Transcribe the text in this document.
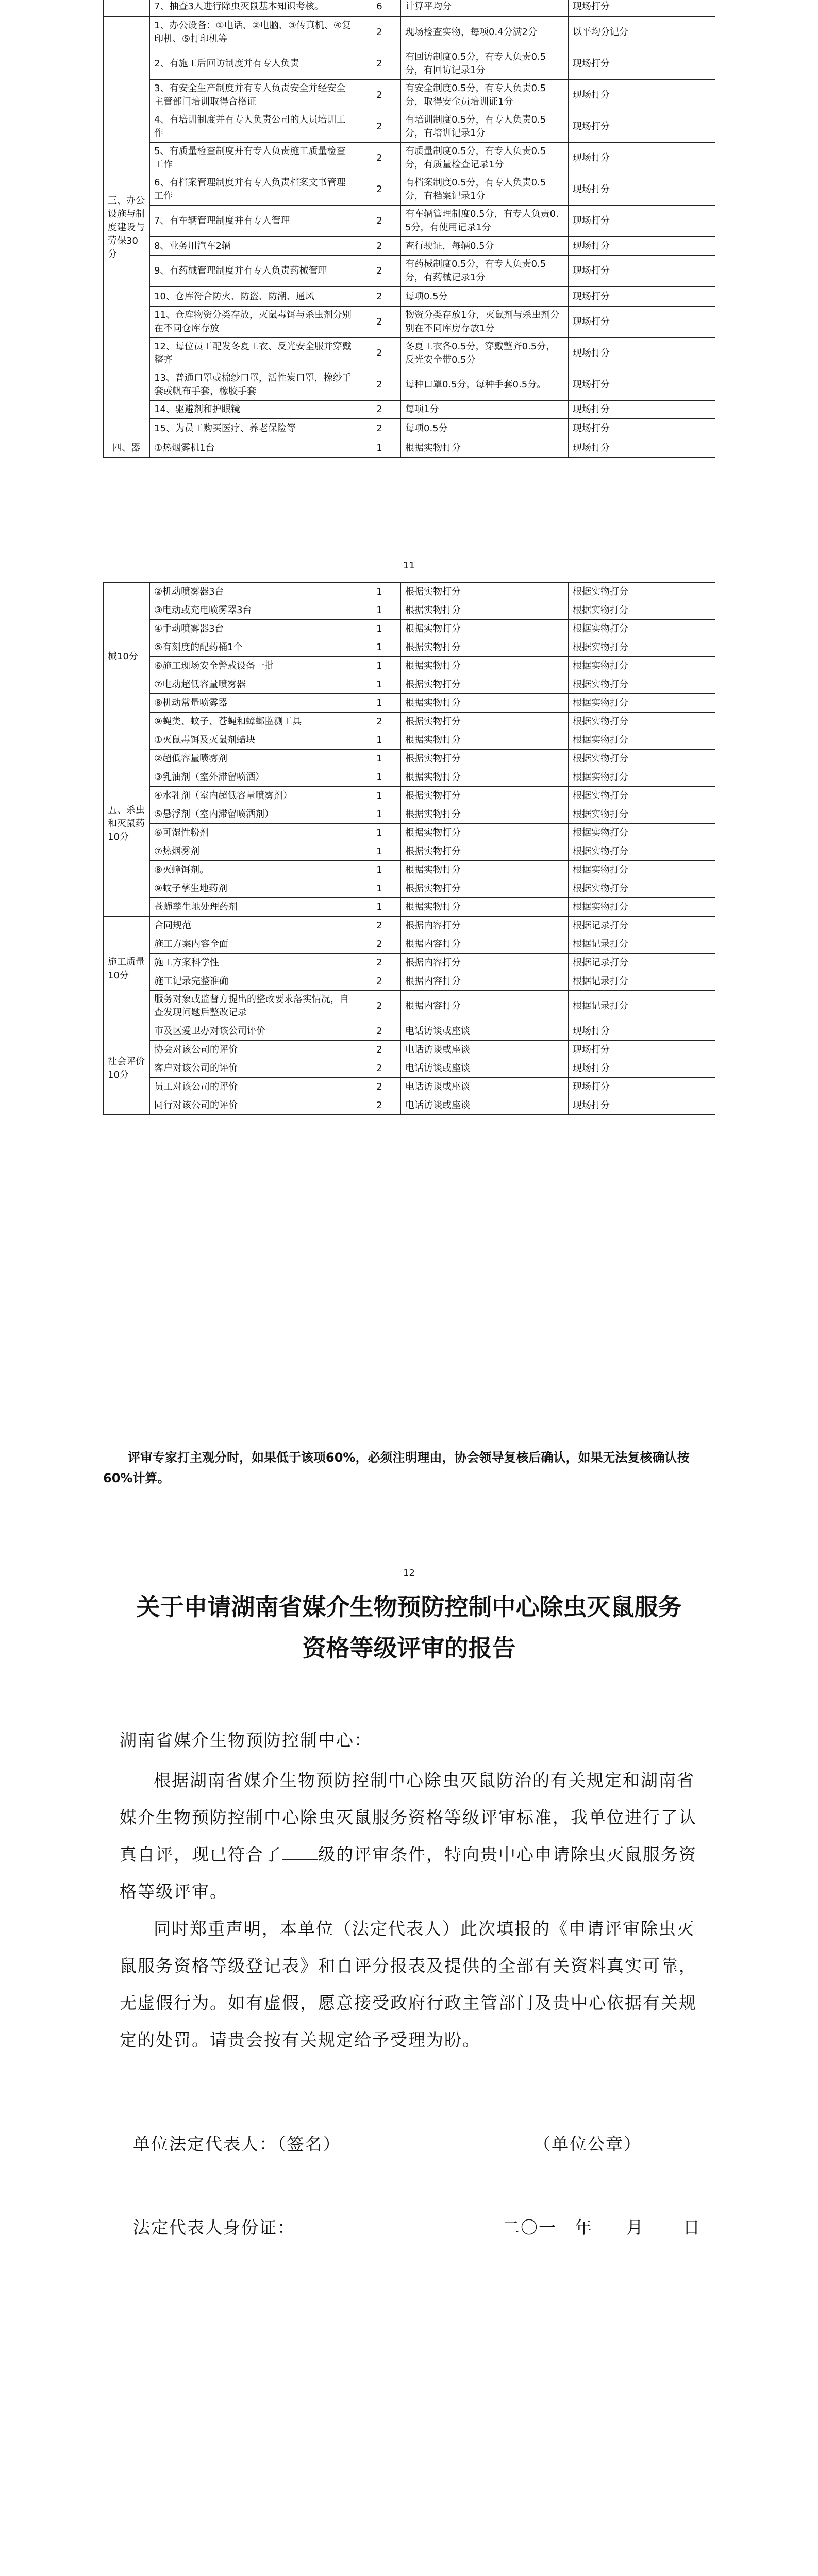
	7、抽查3人进行除虫灭鼠基本知识考核。	6	计算平均分	现场打分	
三、办公设施与制度建设与劳保30分	1、办公设备：①电话、②电脑、③传真机、④复印机、⑤打印机等	2	现场检查实物，每项0.4分满2分	以平均分记分	
	2、有施工后回访制度并有专人负责	2	有回访制度0.5分，有专人负责0.5分，有回访记录1分	现场打分	
	3、有安全生产制度并有专人负责安全并经安全主管部门培训取得合格证	2	有安全制度0.5分，有专人负责0.5分，取得安全员培训证1分	现场打分	
	4、有培训制度并有专人负责公司的人员培训工作	2	有培训制度0.5分，有专人负责0.5分，有培训记录1分	现场打分	
	5、有质量检查制度并有专人负责施工质量检查工作	2	有质量制度0.5分，有专人负责0.5分，有质量检查记录1分	现场打分	
	6、有档案管理制度并有专人负责档案文书管理工作	2	有档案制度0.5分，有专人负责0.5分，有档案记录1分	现场打分	
	7、有车辆管理制度并有专人管理	2	有车辆管理制度0.5分，有专人负责0.5分，有使用记录1分	现场打分	
	8、业务用汽车2辆	2	查行驶证，每辆0.5分	现场打分	
	9、有药械管理制度并有专人负责药械管理	2	有药械制度0.5分，有专人负责0.5分，有药械记录1分	现场打分	
	10、仓库符合防火、防盗、防潮、通风	2	每项0.5分	现场打分	
	11、仓库物资分类存放，灭鼠毒饵与杀虫剂分别在不同仓库存放	2	物资分类存放1分，灭鼠剂与杀虫剂分别在不同库房存放1分	现场打分	
	12、每位员工配发冬夏工衣、反光安全服并穿戴整齐	2	冬夏工衣各0.5分，穿戴整齐0.5分，反光安全带0.5分	现场打分	
	13、普通口罩或棉纱口罩，活性炭口罩，橡纱手套或帆布手套，橡胶手套	2	每种口罩0.5分，每种手套0.5分。	现场打分	
	14、驱避剂和护眼镜	2	每项1分	现场打分	
	15、为员工购买医疗、养老保险等	2	每项0.5分	现场打分	
四、器	①热烟雾机1台	1	根据实物打分	现场打分	
11
械10分	②机动喷雾器3台	1	根据实物打分	根据实物打分	
	③电动或充电喷雾器3台	1	根据实物打分	根据实物打分	
	④手动喷雾器3台	1	根据实物打分	根据实物打分	
	⑤有刻度的配药桶1个	1	根据实物打分	根据实物打分	
	⑥施工现场安全警戒设备一批	1	根据实物打分	根据实物打分	
	⑦电动超低容量喷雾器	1	根据实物打分	根据实物打分	
	⑧机动常量喷雾器	1	根据实物打分	根据实物打分	
	⑨蝇类、蚊子、苍蝇和蟑螂监测工具	2	根据实物打分	根据实物打分	
五、杀虫和灭鼠药10分	①灭鼠毒饵及灭鼠剂蜡块	1	根据实物打分	根据实物打分	
	②超低容量喷雾剂	1	根据实物打分	根据实物打分	
	③乳油剂（室外滞留喷洒）	1	根据实物打分	根据实物打分	
	④水乳剂（室内超低容量喷雾剂）	1	根据实物打分	根据实物打分	
	⑤悬浮剂（室内滞留喷洒剂）	1	根据实物打分	根据实物打分	
	⑥可湿性粉剂	1	根据实物打分	根据实物打分	
	⑦热烟雾剂	1	根据实物打分	根据实物打分	
	⑧灭蟑饵剂。	1	根据实物打分	根据实物打分	
	⑨蚊子孳生地药剂	1	根据实物打分	根据实物打分	
	苍蝇孳生地处理药剂	1	根据实物打分	根据实物打分	
施工质量10分	合同规范	2	根据内容打分	根据记录打分	
	施工方案内容全面	2	根据内容打分	根据记录打分	
	施工方案科学性	2	根据内容打分	根据记录打分	
	施工记录完整准确	2	根据内容打分	根据记录打分	
	服务对象或监督方提出的整改要求落实情况，自查发现问题后整改记录	2	根据内容打分	根据记录打分	
社会评价10分	市及区爱卫办对该公司评价	2	电话访谈或座谈	现场打分	
	协会对该公司的评价	2	电话访谈或座谈	现场打分	
	客户对该公司的评价	2	电话访谈或座谈	现场打分	
	员工对该公司的评价	2	电话访谈或座谈	现场打分	
	同行对该公司的评价	2	电话访谈或座谈	现场打分	
评审专家打主观分时，如果低于该项60%，必须注明理由，协会领导复核后确认，如果无法复核确认按60%计算。
12
关于申请湖南省媒介生物预防控制中心除虫灭鼠服务
资格等级评审的报告
湖南省媒介生物预防控制中心：
根据湖南省媒介生物预防控制中心除虫灭鼠防治的有关规定和湖南省媒介生物预防控制中心除虫灭鼠服务资格等级评审标准，我单位进行了认真自评，现已符合了 级的评审条件，特向贵中心申请除虫灭鼠服务资格等级评审。
同时郑重声明，本单位（法定代表人）此次填报的《申请评审除虫灭鼠服务资格等级登记表》和自评分报表及提供的全部有关资料真实可靠，无虚假行为。如有虚假，愿意接受政府行政主管部门及贵中心依据有关规定的处罚。请贵会按有关规定给予受理为盼。
单位法定代表人：（签名）	（单位公章）
法定代表人身份证：	二〇一　年 月 日
